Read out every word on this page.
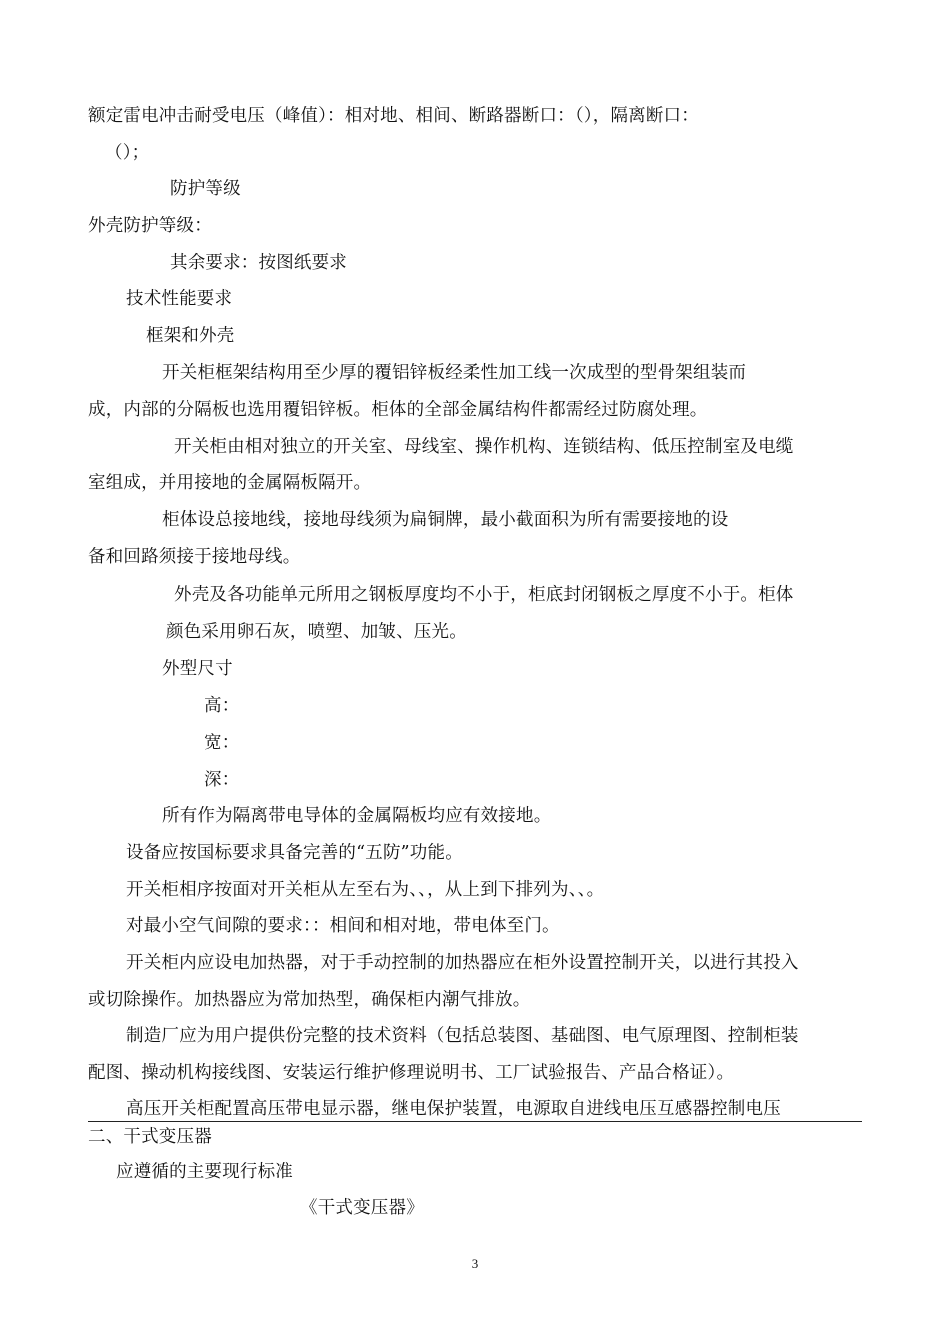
额定雷电冲击耐受电压（峰值）：相对地、相间、断路器断口：（），隔离断口：
（）；
防护等级
外壳防护等级：
其余要求：按图纸要求
技术性能要求
框架和外壳
开关柜框架结构用至少厚的覆铝锌板经柔性加工线一次成型的型骨架组装而
成，内部的分隔板也选用覆铝锌板。柜体的全部金属结构件都需经过防腐处理。
开关柜由相对独立的开关室、母线室、操作机构、连锁结构、低压控制室及电缆
室组成，并用接地的金属隔板隔开。
柜体设总接地线，接地母线须为扁铜牌，最小截面积为所有需要接地的设
备和回路须接于接地母线。
外壳及各功能单元所用之钢板厚度均不小于，柜底封闭钢板之厚度不小于。柜体
颜色采用卵石灰，喷塑、加皱、压光。
外型尺寸
高：
宽：
深：
所有作为隔离带电导体的金属隔板均应有效接地。
设备应按国标要求具备完善的“五防”功能。
开关柜相序按面对开关柜从左至右为、、，从上到下排列为、、。
对最小空气间隙的要求：：相间和相对地，带电体至门。
开关柜内应设电加热器，对于手动控制的加热器应在柜外设置控制开关，以进行其投入
或切除操作。加热器应为常加热型，确保柜内潮气排放。
制造厂应为用户提供份完整的技术资料（包括总装图、基础图、电气原理图、控制柜装
配图、操动机构接线图、安装运行维护修理说明书、工厂试验报告、产品合格证）。
高压开关柜配置高压带电显示器，继电保护装置，电源取自进线电压互感器控制电压
二、干式变压器
应遵循的主要现行标准
《干式变压器》
3
